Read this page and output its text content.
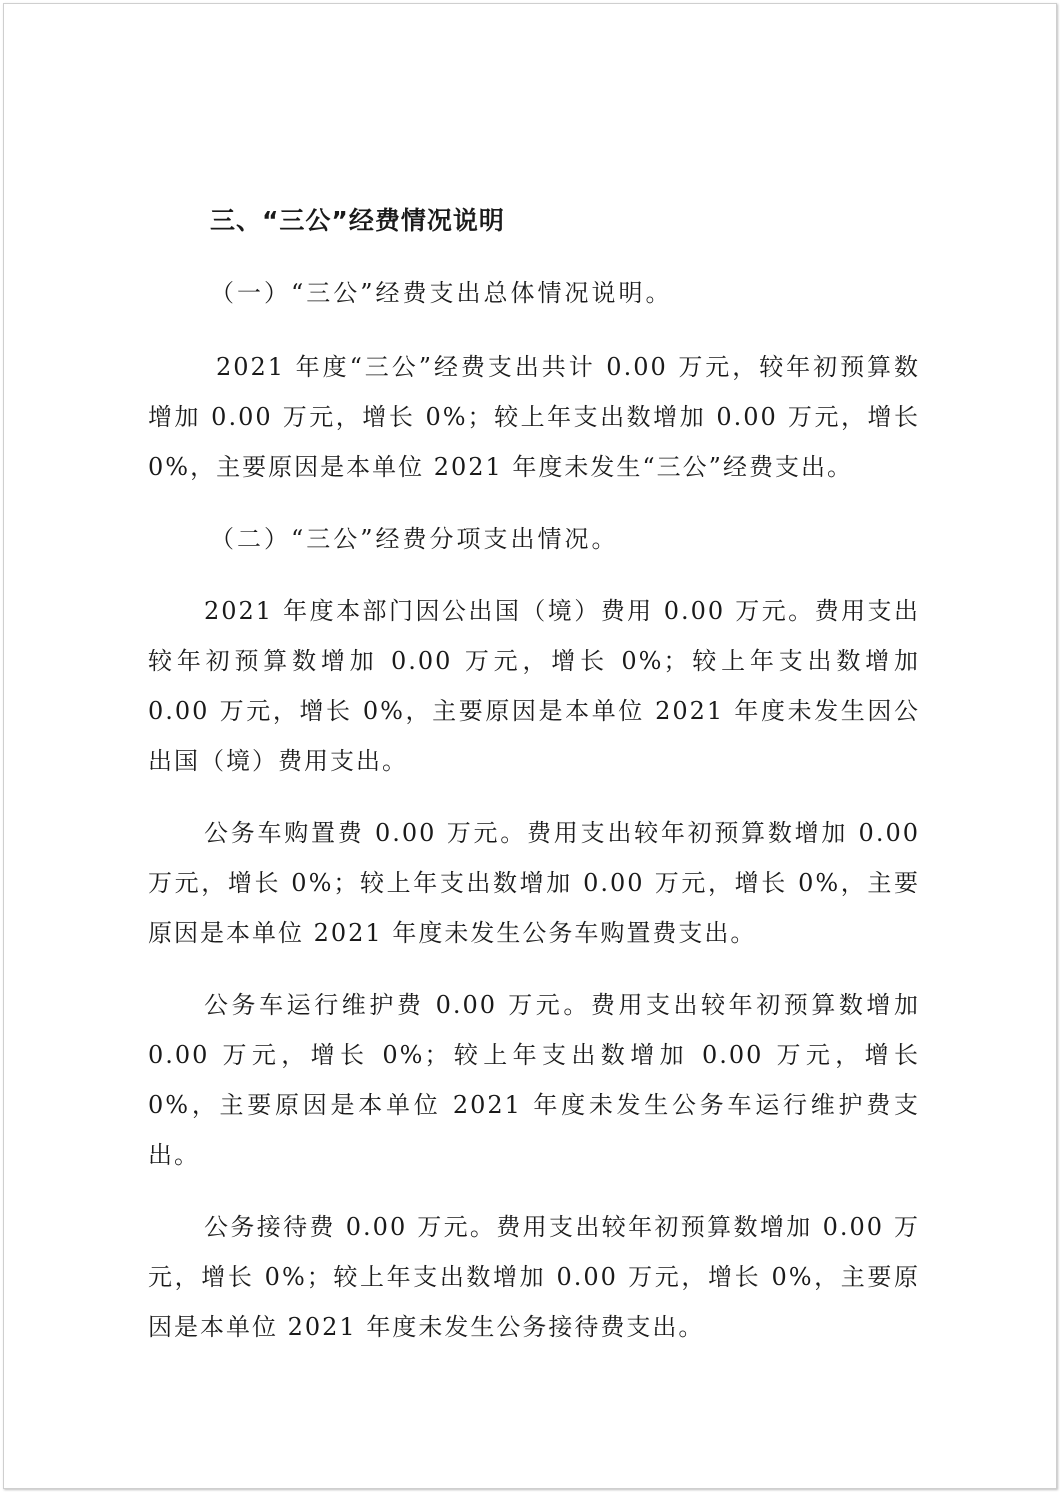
三、“三公”经费情况说明

（一）“三公”经费支出总体情况说明。

2021 年度“三公”经费支出共计 0.00 万元，较年初预算数增加 0.00 万元，增长 0%；较上年支出数增加 0.00 万元，增长 0%，主要原因是本单位 2021 年度未发生“三公”经费支出。

（二）“三公”经费分项支出情况。

2021 年度本部门因公出国（境）费用 0.00 万元。费用支出较年初预算数增加 0.00 万元，增长 0%；较上年支出数增加 0.00 万元，增长 0%，主要原因是本单位 2021 年度未发生因公出国（境）费用支出。

公务车购置费 0.00 万元。费用支出较年初预算数增加 0.00 万元，增长 0%；较上年支出数增加 0.00 万元，增长 0%，主要原因是本单位 2021 年度未发生公务车购置费支出。

公务车运行维护费 0.00 万元。费用支出较年初预算数增加 0.00 万元，增长 0%；较上年支出数增加 0.00 万元，增长 0%，主要原因是本单位 2021 年度未发生公务车运行维护费支出。

公务接待费 0.00 万元。费用支出较年初预算数增加 0.00 万元，增长 0%；较上年支出数增加 0.00 万元，增长 0%，主要原因是本单位 2021 年度未发生公务接待费支出。
